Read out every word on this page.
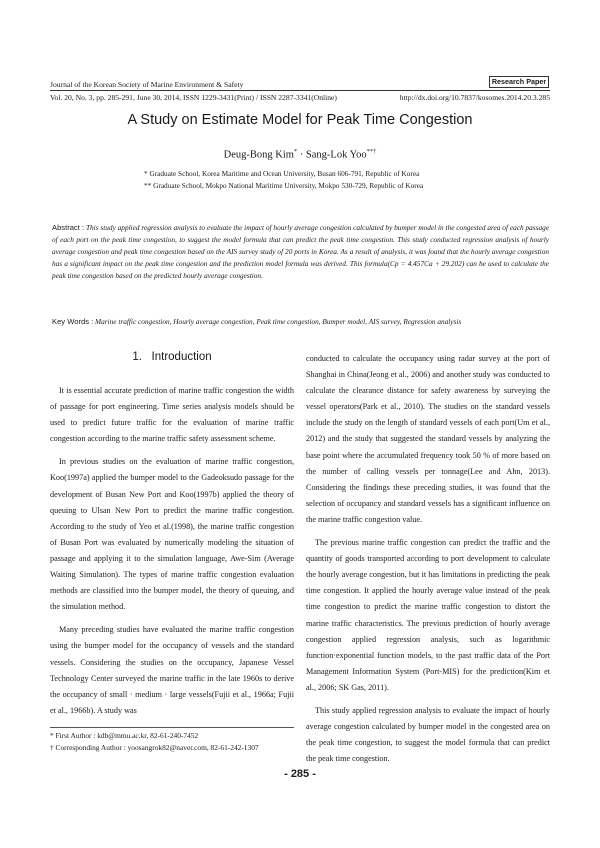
Journal of the Korean Society of Marine Environment & Safety	Research Paper
Vol. 20, No. 3, pp. 285-291, June 30, 2014, ISSN 1229-3431(Print) / ISSN 2287-3341(Online)	http://dx.doi.org/10.7837/kosomes.2014.20.3.285
A Study on Estimate Model for Peak Time Congestion
Deug-Bong Kim* · Sang-Lok Yoo**†
* Graduate School, Korea Maritime and Ocean University, Busan 606-791, Republic of Korea
** Graduate School, Mokpo National Maritime University, Mokpo 530-729, Republic of Korea
Abstract : This study applied regression analysis to evaluate the impact of hourly average congestion calculated by bumper model in the congested area of each passage of each port on the peak time congestion, to suggest the model formula that can predict the peak time congestion. This study conducted regression analysis of hourly average congestion and peak time congestion based on the AIS survey study of 20 ports in Korea. As a result of analysis, it was found that the hourly average congestion has a significant impact on the peak time congestion and the prediction model formula was derived. This formula(Cp = 4.457Ca + 29.202) can be used to calculate the peak time congestion based on the predicted hourly average congestion.
Key Words : Marine traffic congestion, Hourly average congestion, Peak time congestion, Bumper model, AIS survey, Regression analysis
1. Introduction

It is essential accurate prediction of marine traffic congestion the width of passage for port engineering. Time series analysis models should be used to predict future traffic for the evaluation of marine traffic congestion according to the marine traffic safety assessment scheme.

In previous studies on the evaluation of marine traffic congestion, Koo(1997a) applied the bumper model to the Gadeoksudo passage for the development of Busan New Port and Koo(1997b) applied the theory of queuing to Ulsan New Port to predict the marine traffic congestion. According to the study of Yeo et al.(1998), the marine traffic congestion of Busan Port was evaluated by numerically modeling the situation of passage and applying it to the simulation language, Awe-Sim (Average Waiting Simulation). The types of marine traffic congestion evaluation methods are classified into the bumper model, the theory of queuing, and the simulation method.

Many preceding studies have evaluated the marine traffic congestion using the bumper model for the occupancy of vessels and the standard vessels. Considering the studies on the occupancy, Japanese Vessel Technology Center surveyed the marine traffic in the late 1960s to derive the occupancy of small · medium · large vessels(Fujii et al., 1966a; Fujii et al., 1966b). A study was

conducted to calculate the occupancy using radar survey at the port of Shanghai in China(Jeong et al., 2006) and another study was conducted to calculate the clearance distance for safety awareness by surveying the vessel operators(Park et al., 2010). The studies on the standard vessels include the study on the length of standard vessels of each port(Um et al., 2012) and the study that suggested the standard vessels by analyzing the base point where the accumulated frequency took 50 % of more based on the number of calling vessels per tonnage(Lee and Ahn, 2013). Considering the findings these preceding studies, it was found that the selection of occupancy and standard vessels has a significant influence on the marine traffic congestion value.

The previous marine traffic congestion can predict the traffic and the quantity of goods transported according to port development to calculate the hourly average congestion, but it has limitations in predicting the peak time congestion. It applied the hourly average value instead of the peak time congestion to predict the marine traffic congestion to distort the marine traffic characteristics. The previous prediction of hourly average congestion applied regression analysis, such as logarithmic function·exponential function models, to the past traffic data of the Port Management Information System (Port-MIS) for the prediction(Kim et al., 2006; SK Gas, 2011).

This study applied regression analysis to evaluate the impact of hourly average congestion calculated by bumper model in the congested area on the peak time congestion, to suggest the model formula that can predict the peak time congestion.

* First Author : kdb@mmu.ac.kr, 82-61-240-7452
† Corresponding Author : yoosangrok82@naver.com, 82-61-242-1307
- 285 -
